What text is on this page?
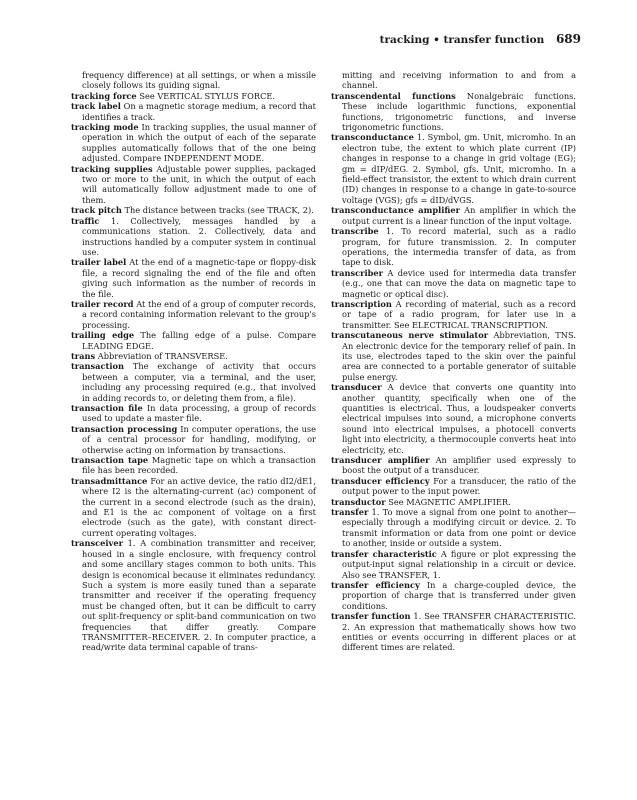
tracking • transfer function 689

frequency difference) at all settings, or when a missile closely follows its guiding signal.

tracking force See VERTICAL STYLUS FORCE.

track label On a magnetic storage medium, a record that identifies a track.

tracking mode In tracking supplies, the usual manner of operation in which the output of each of the separate supplies automatically follows that of the one being adjusted. Compare INDEPENDENT MODE.

tracking supplies Adjustable power supplies, packaged two or more to the unit, in which the output of each will automatically follow adjustment made to one of them.

track pitch The distance between tracks (see TRACK, 2).

traffic 1. Collectively, messages handled by a communications station. 2. Collectively, data and instructions handled by a computer system in continual use.

trailer label At the end of a magnetic-tape or floppy-disk file, a record signaling the end of the file and often giving such information as the number of records in the file.

trailer record At the end of a group of computer records, a record containing information relevant to the group's processing.

trailing edge The falling edge of a pulse. Compare LEADING EDGE.

trans Abbreviation of TRANSVERSE.

transaction The exchange of activity that occurs between a computer, via a terminal, and the user, including any processing required (e.g., that involved in adding records to, or deleting them from, a file).

transaction file In data processing, a group of records used to update a master file.

transaction processing In computer operations, the use of a central processor for handling, modifying, or otherwise acting on information by transactions.

transaction tape Magnetic tape on which a transaction file has been recorded.

transadmittance For an active device, the ratio dI2/dE1, where I2 is the alternating-current (ac) component of the current in a second electrode (such as the drain), and E1 is the ac component of voltage on a first electrode (such as the gate), with constant direct-current operating voltages.

transceiver 1. A combination transmitter and receiver, housed in a single enclosure, with frequency control and some ancillary stages common to both units. This design is economical because it eliminates redundancy. Such a system is more easily tuned than a separate transmitter and receiver if the operating frequency must be changed often, but it can be difficult to carry out split-frequency or split-band communication on two frequencies that differ greatly. Compare TRANSMITTER–RECEIVER. 2. In computer practice, a read/write data terminal capable of trans-

mitting and receiving information to and from a channel.

transcendental functions Nonalgebraic functions. These include logarithmic functions, exponential functions, trigonometric functions, and inverse trigonometric functions.

transconductance 1. Symbol, gm. Unit, micromho. In an electron tube, the extent to which plate current (IP) changes in response to a change in grid voltage (EG); gm = dIP/dEG. 2. Symbol, gfs. Unit, micromho. In a field-effect transistor, the extent to which drain current (ID) changes in response to a change in gate-to-source voltage (VGS); gfs = dID/dVGS.

transconductance amplifier An amplifier in which the output current is a linear function of the input voltage.

transcribe 1. To record material, such as a radio program, for future transmission. 2. In computer operations, the intermedia transfer of data, as from tape to disk.

transcriber A device used for intermedia data transfer (e.g., one that can move the data on magnetic tape to magnetic or optical disc).

transcription A recording of material, such as a record or tape of a radio program, for later use in a transmitter. See ELECTRICAL TRANSCRIPTION.

transcutaneous nerve stimulator Abbreviation, TNS. An electronic device for the temporary relief of pain. In its use, electrodes taped to the skin over the painful area are connected to a portable generator of suitable pulse energy.

transducer A device that converts one quantity into another quantity, specifically when one of the quantities is electrical. Thus, a loudspeaker converts electrical impulses into sound, a microphone converts sound into electrical impulses, a photocell converts light into electricity, a thermocouple converts heat into electricity, etc.

transducer amplifier An amplifier used expressly to boost the output of a transducer.

transducer efficiency For a transducer, the ratio of the output power to the input power.

transductor See MAGNETIC AMPLIFIER.

transfer 1. To move a signal from one point to another—especially through a modifying circuit or device. 2. To transmit information or data from one point or device to another, inside or outside a system.

transfer characteristic A figure or plot expressing the output-input signal relationship in a circuit or device. Also see TRANSFER, 1.

transfer efficiency In a charge-coupled device, the proportion of charge that is transferred under given conditions.

transfer function 1. See TRANSFER CHARACTERISTIC. 2. An expression that mathematically shows how two entities or events occurring in different places or at different times are related.
